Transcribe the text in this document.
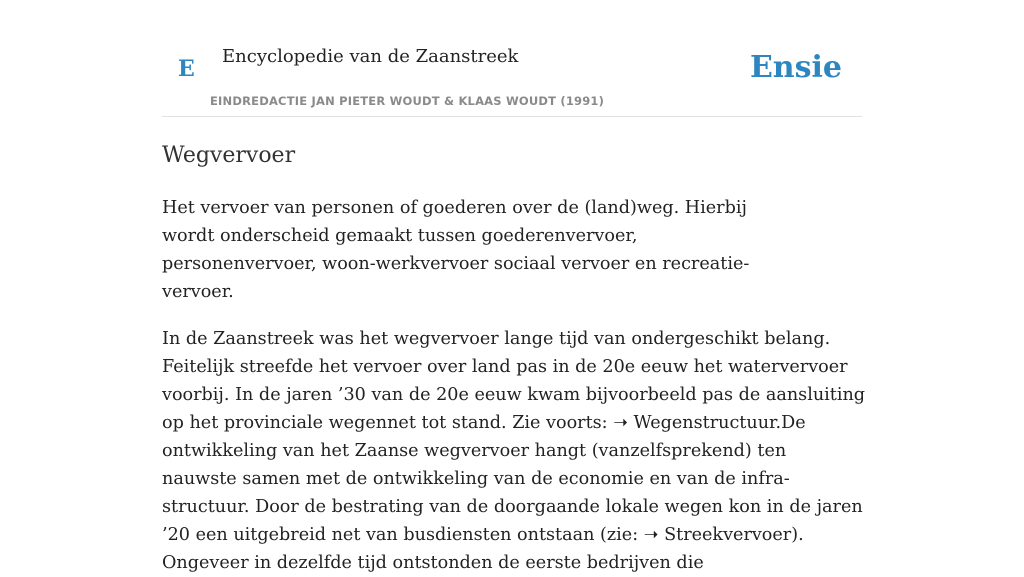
E Encyclopedie van de Zaanstreek
EINDREDACTIE JAN PIETER WOUDT & KLAAS WOUDT (1991)
Ensie
Wegvervoer

Het vervoer van personen of goederen over de (land)weg. Hierbij wordt onderscheid gemaakt tussen goederenvervoer, personenvervoer, woon-werkvervoer sociaal vervoer en recreatie-vervoer.

In de Zaanstreek was het wegvervoer lange tijd van ondergeschikt belang. Feitelijk streefde het vervoer over land pas in de 20e eeuw het watervervoer voorbij. In de jaren ’30 van de 20e eeuw kwam bijvoorbeeld pas de aansluiting op het provinciale wegennet tot stand. Zie voorts: ➝ Wegenstructuur.De ontwikkeling van het Zaanse wegvervoer hangt (vanzelfsprekend) ten nauwste samen met de ontwikkeling van de economie en van de infra-structuur. Door de bestrating van de doorgaande lokale wegen kon in de jaren ’20 een uitgebreid net van busdiensten ontstaan (zie: ➝ Streekvervoer). Ongeveer in dezelfde tijd ontstonden de eerste bedrijven die
